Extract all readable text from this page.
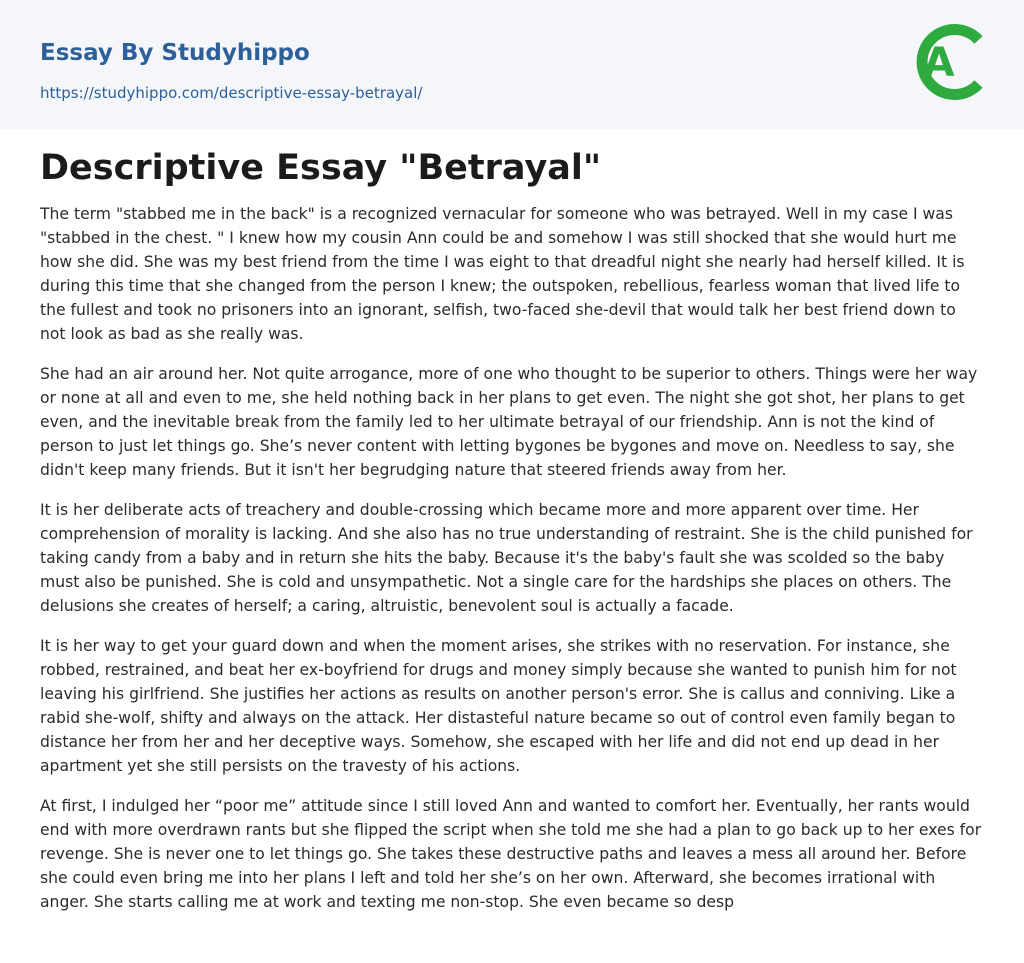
Essay By Studyhippo
https://studyhippo.com/descriptive-essay-betrayal/
A
Descriptive Essay "Betrayal"

The term "stabbed me in the back" is a recognized vernacular for someone who was betrayed. Well in my case I was "stabbed in the chest. " I knew how my cousin Ann could be and somehow I was still shocked that she would hurt me how she did. She was my best friend from the time I was eight to that dreadful night she nearly had herself killed. It is during this time that she changed from the person I knew; the outspoken, rebellious, fearless woman that lived life to the fullest and took no prisoners into an ignorant, selfish, two-faced she-devil that would talk her best friend down to not look as bad as she really was.

She had an air around her. Not quite arrogance, more of one who thought to be superior to others. Things were her way or none at all and even to me, she held nothing back in her plans to get even. The night she got shot, her plans to get even, and the inevitable break from the family led to her ultimate betrayal of our friendship. Ann is not the kind of person to just let things go. She’s never content with letting bygones be bygones and move on. Needless to say, she didn't keep many friends. But it isn't her begrudging nature that steered friends away from her.

It is her deliberate acts of treachery and double-crossing which became more and more apparent over time. Her comprehension of morality is lacking. And she also has no true understanding of restraint. She is the child punished for taking candy from a baby and in return she hits the baby. Because it's the baby's fault she was scolded so the baby must also be punished. She is cold and unsympathetic. Not a single care for the hardships she places on others. The delusions she creates of herself; a caring, altruistic, benevolent soul is actually a facade.

It is her way to get your guard down and when the moment arises, she strikes with no reservation. For instance, she robbed, restrained, and beat her ex-boyfriend for drugs and money simply because she wanted to punish him for not leaving his girlfriend. She justifies her actions as results on another person's error. She is callus and conniving. Like a rabid she-wolf, shifty and always on the attack. Her distasteful nature became so out of control even family began to distance her from her and her deceptive ways. Somehow, she escaped with her life and did not end up dead in her apartment yet she still persists on the travesty of his actions.

At first, I indulged her “poor me” attitude since I still loved Ann and wanted to comfort her. Eventually, her rants would end with more overdrawn rants but she flipped the script when she told me she had a plan to go back up to her exes for revenge. She is never one to let things go. She takes these destructive paths and leaves a mess all around her. Before she could even bring me into her plans I left and told her she’s on her own. Afterward, she becomes irrational with anger. She starts calling me at work and texting me non-stop. She even became so desp
